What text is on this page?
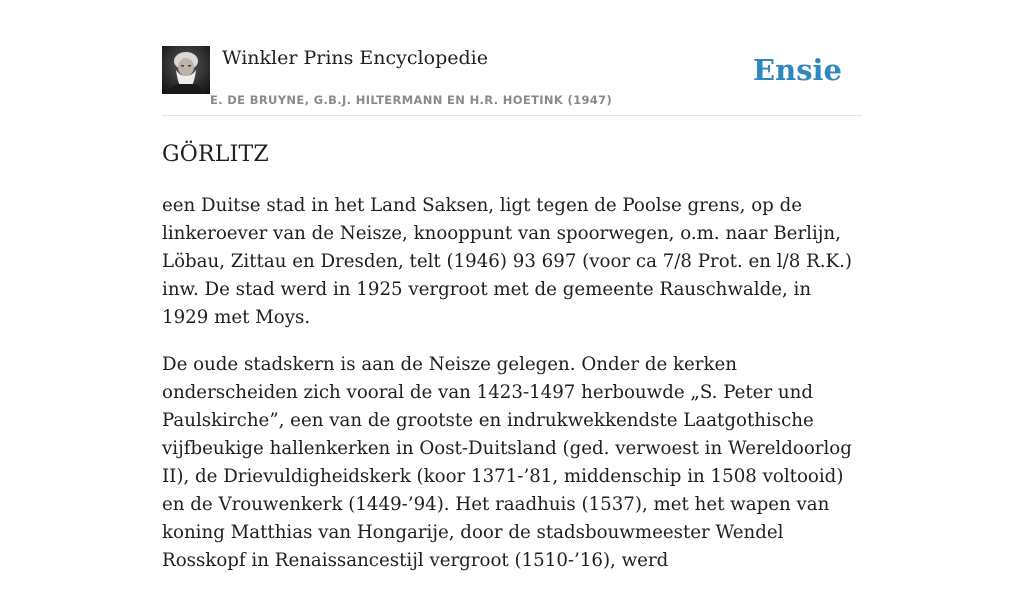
Winkler Prins Encyclopedie
E. DE BRUYNE, G.B.J. HILTERMANN EN H.R. HOETINK (1947)
Ensie
GÖRLITZ

een Duitse stad in het Land Saksen, ligt tegen de Poolse grens, op de linkeroever van de Neisze, knooppunt van spoorwegen, o.m. naar Berlijn, Löbau, Zittau en Dresden, telt (1946) 93 697 (voor ca 7/8 Prot. en l/8 R.K.) inw. De stad werd in 1925 vergroot met de gemeente Rauschwalde, in 1929 met Moys.

De oude stadskern is aan de Neisze gelegen. Onder de kerken onderscheiden zich vooral de van 1423-1497 herbouwde „S. Peter und Paulskirche”, een van de grootste en indrukwekkendste Laatgothische vijfbeukige hallenkerken in Oost-Duitsland (ged. verwoest in Wereldoorlog II), de Drievuldigheidskerk (koor 1371-’81, middenschip in 1508 voltooid) en de Vrouwenkerk (1449-’94). Het raadhuis (1537), met het wapen van koning Matthias van Hongarije, door de stadsbouwmeester Wendel Rosskopf in Renaissancestijl vergroot (1510-’16), werd
